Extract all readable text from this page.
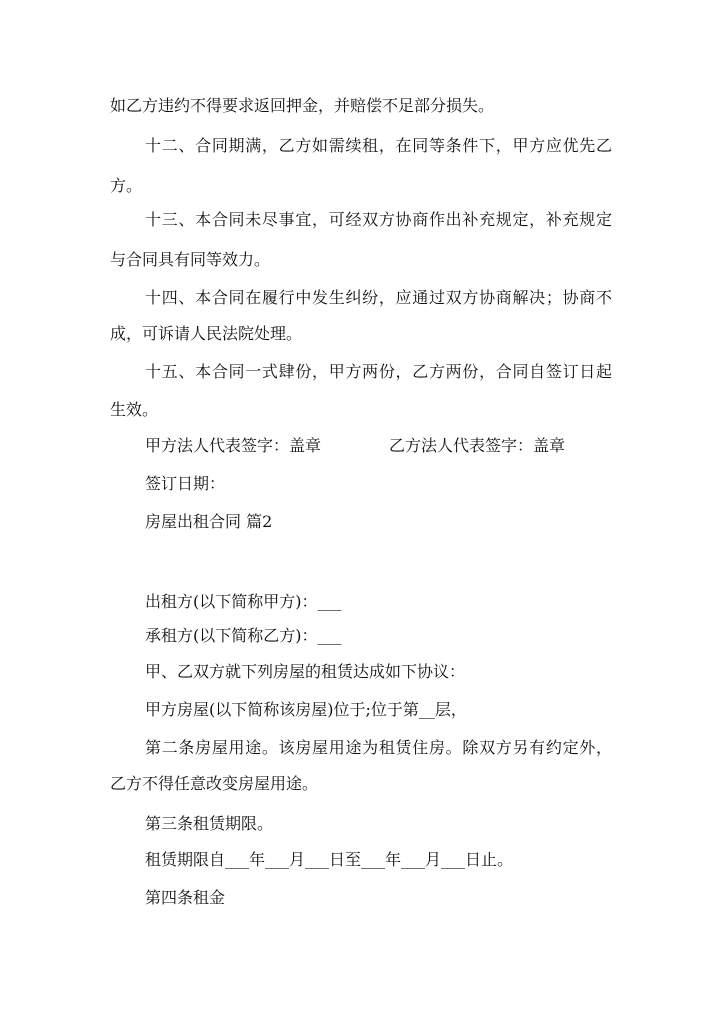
如乙方违约不得要求返回押金，并赔偿不足部分损失。
十二、合同期满，乙方如需续租，在同等条件下，甲方应优先乙
方。
十三、本合同未尽事宜，可经双方协商作出补充规定，补充规定
与合同具有同等效力。
十四、本合同在履行中发生纠纷，应通过双方协商解决；协商不
成，可诉请人民法院处理。
十五、本合同一式肆份，甲方两份，乙方两份，合同自签订日起
生效。
甲方法人代表签字：盖章	乙方法人代表签字：盖章
签订日期：
房屋出租合同 篇2
出租方(以下简称甲方)：___
承租方(以下简称乙方)：___
甲、乙双方就下列房屋的租赁达成如下协议：
甲方房屋(以下简称该房屋)位于;位于第__层，
第二条房屋用途。该房屋用途为租赁住房。除双方另有约定外，
乙方不得任意改变房屋用途。
第三条租赁期限。
租赁期限自___年___月___日至___年___月___日止。
第四条租金
